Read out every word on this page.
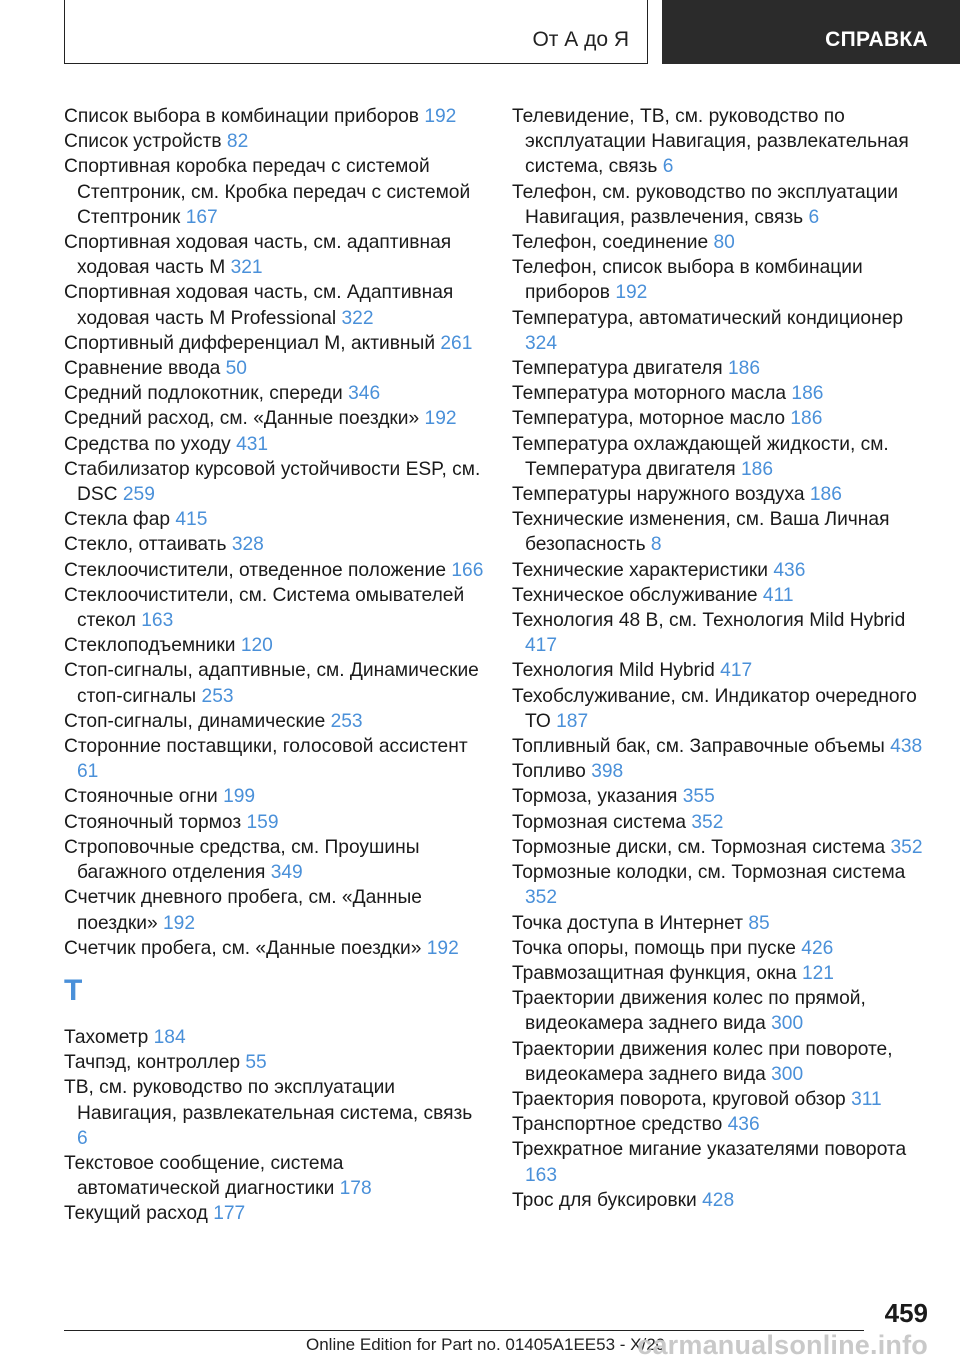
От А до Я	СПРАВКА
Список выбора в комбинации приборов 192
Список устройств 82
Спортивная коробка передач с системой Стептроник, см. Кробка передач с системой Стептроник 167
Спортивная ходовая часть, см. адаптивная ходовая часть M 321
Спортивная ходовая часть, см. Адаптивная ходовая часть M Professional 322
Спортивный дифференциал M, активный 261
Сравнение ввода 50
Средний подлокотник, спереди 346
Средний расход, см. «Данные поездки» 192
Средства по уходу 431
Стабилизатор курсовой устойчивости ESP, см. DSC 259
Стекла фар 415
Стекло, оттаивать 328
Стеклоочистители, отведенное положение 166
Стеклоочистители, см. Система омывателей стекол 163
Стеклоподъемники 120
Стоп-сигналы, адаптивные, см. Динамические стоп-сигналы 253
Стоп-сигналы, динамические 253
Сторонние поставщики, голосовой ассистент 61
Стояночные огни 199
Стояночный тормоз 159
Строповочные средства, см. Проушины багажного отделения 349
Счетчик дневного пробега, см. «Данные поездки» 192
Счетчик пробега, см. «Данные поездки» 192
Т
Тахометр 184
Тачпэд, контроллер 55
ТВ, см. руководство по эксплуатации Навигация, развлекательная система, связь 6
Текстовое сообщение, система автоматической диагностики 178
Текущий расход 177
Телевидение, ТВ, см. руководство по эксплуатации Навигация, развлекательная система, связь 6
Телефон, см. руководство по эксплуатации Навигация, развлечения, связь 6
Телефон, соединение 80
Телефон, список выбора в комбинации приборов 192
Температура, автоматический кондиционер 324
Температура двигателя 186
Температура моторного масла 186
Температура, моторное масло 186
Температура охлаждающей жидкости, см. Температура двигателя 186
Температуры наружного воздуха 186
Технические изменения, см. Ваша Личная безопасность 8
Технические характеристики 436
Техническое обслуживание 411
Технология 48 В, см. Технология Mild Hybrid 417
Технология Mild Hybrid 417
Техобслуживание, см. Индикатор очередного ТО 187
Топливный бак, см. Заправочные объемы 438
Топливо 398
Тормоза, указания 355
Тормозная система 352
Тормозные диски, см. Тормозная система 352
Тормозные колодки, см. Тормозная система 352
Точка доступа в Интернет 85
Точка опоры, помощь при пуске 426
Травмозащитная функция, окна 121
Траектории движения колес по прямой, видеокамера заднего вида 300
Траектории движения колес при повороте, видеокамера заднего вида 300
Траектория поворота, круговой обзор 311
Транспортное средство 436
Трехкратное мигание указателями поворота 163
Трос для буксировки 428
459
Online Edition for Part no. 01405A1EE53 - X/20
carmanualsonline.info
